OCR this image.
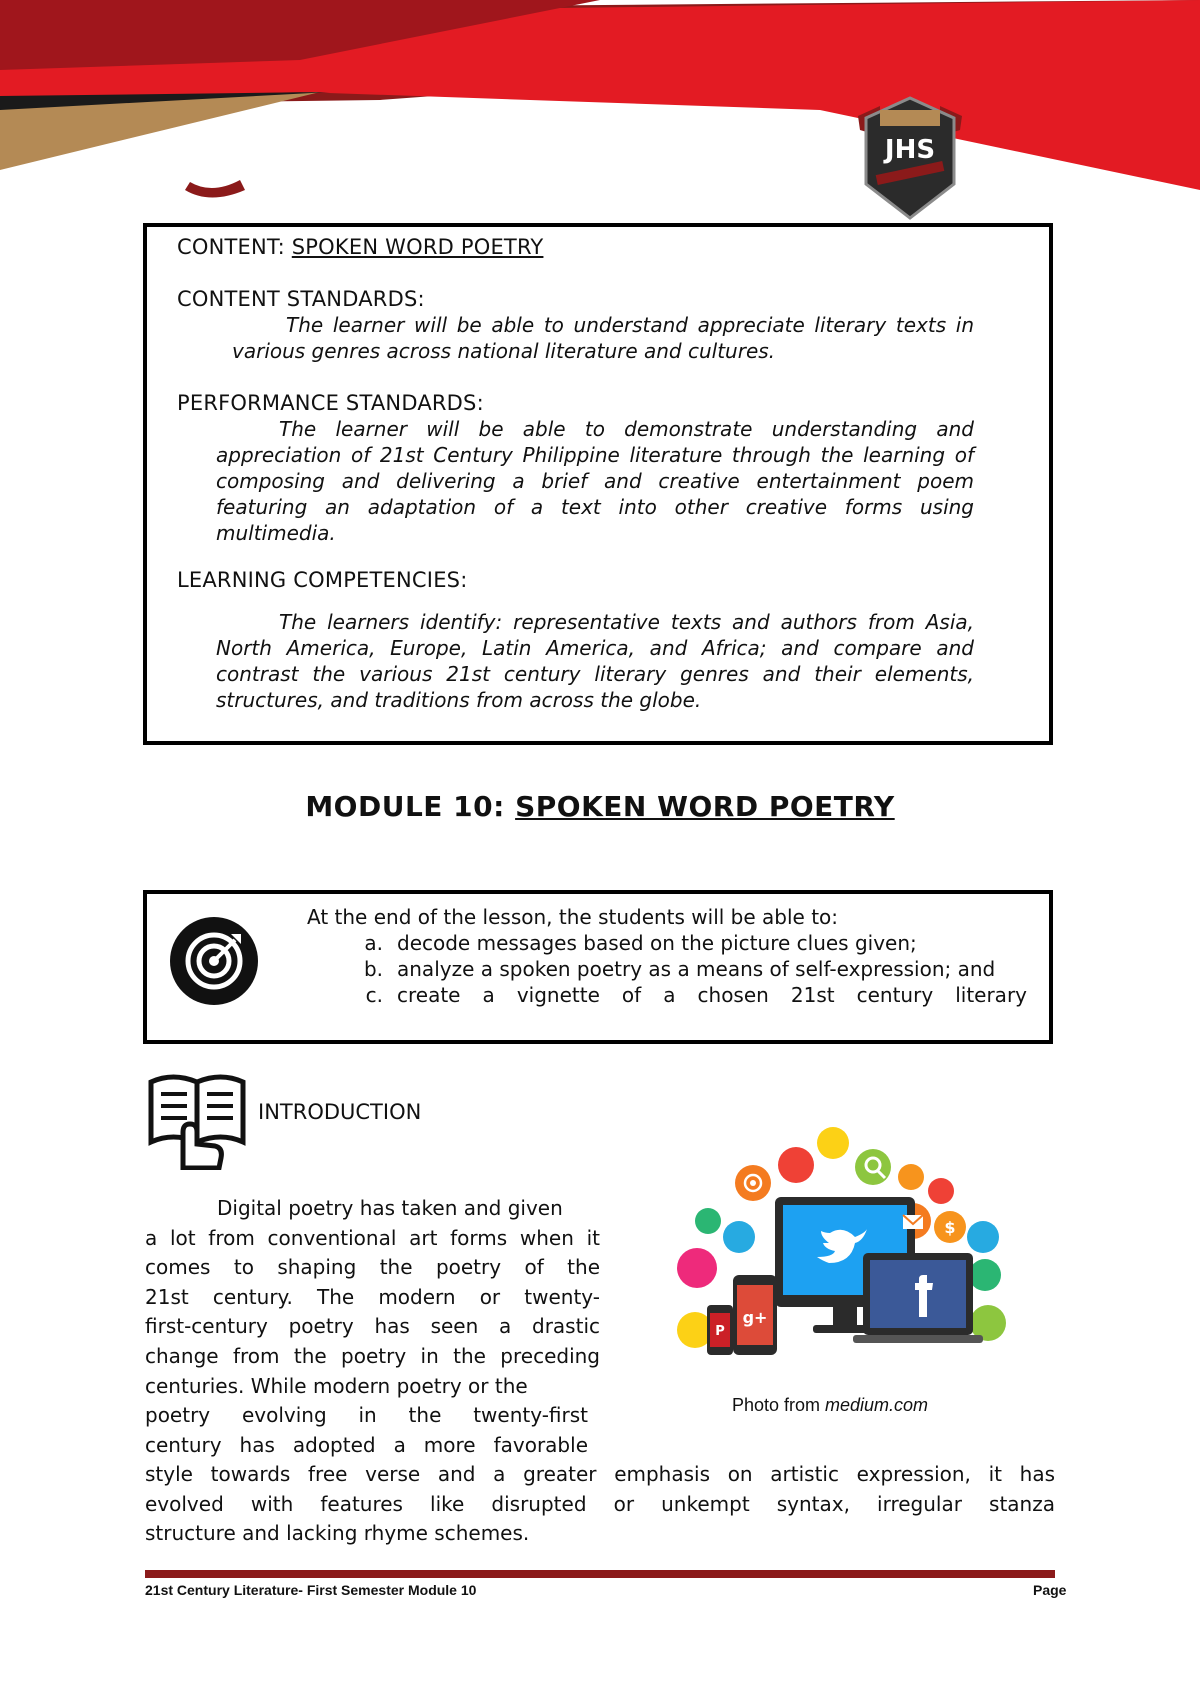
JHS
CONTENT: SPOKEN WORD POETRY
CONTENT STANDARDS:
The learner will be able to understand appreciate literary texts in various genres across national literature and cultures.
PERFORMANCE STANDARDS:
The learner will be able to demonstrate understanding and appreciation of 21st Century Philippine literature through the learning of composing and delivering a brief and creative entertainment poem featuring an adaptation of a text into other creative forms using multimedia.
LEARNING COMPETENCIES:
The learners identify: representative texts and authors from Asia, North America, Europe, Latin America, and Africa; and compare and contrast the various 21st century literary genres and their elements, structures, and traditions from across the globe.
MODULE 10: SPOKEN WORD POETRY
At the end of the lesson, the students will be able to:
a. decode messages based on the picture clues given;
b. analyze a spoken poetry as a means of self-expression; and
c. create a vignette of a chosen 21st century literary
INTRODUCTION
Digital poetry has taken and given
a lot from conventional art forms when it
comes to shaping the poetry of the
21st century. The modern or twenty-
first-century poetry has seen a drastic
change from the poetry in the preceding
centuries. While modern poetry or the
poetry evolving in the twenty-first
century has adopted a more favorable
style towards free verse and a greater emphasis on artistic expression, it has
evolved with features like disrupted or unkempt syntax, irregular stanza
structure and lacking rhyme schemes.
g+
P
$
Photo from medium.com
21st Century Literature- First Semester Module 10	Page
